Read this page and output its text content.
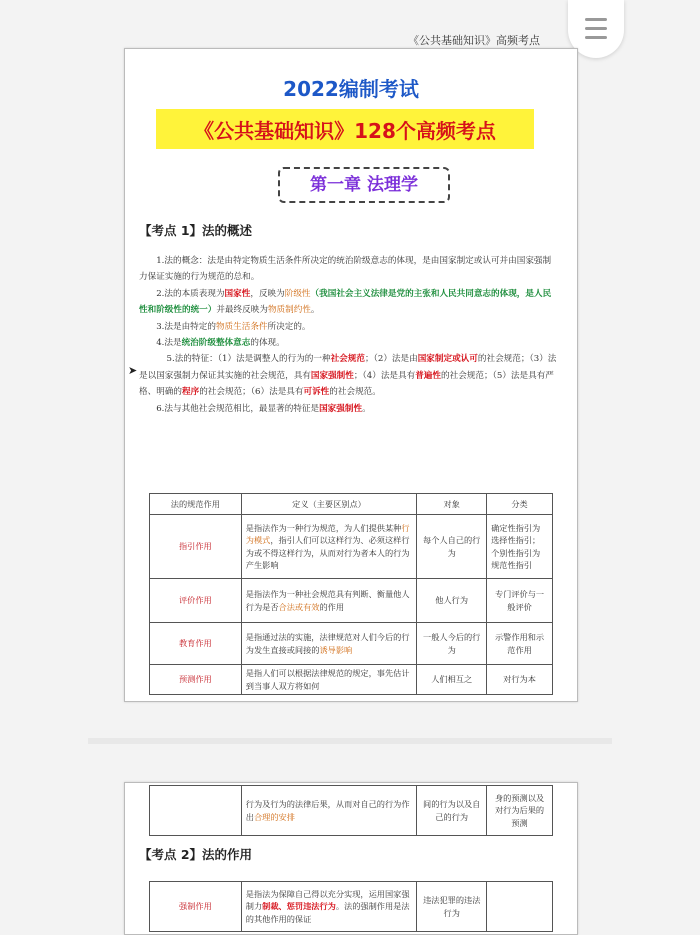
《公共基础知识》高频考点
2022编制考试
《公共基础知识》128个高频考点
第一章 法理学
【考点 1】法的概述

1.法的概念：法是由特定物质生活条件所决定的统治阶级意志的体现，是由国家制定或认可并由国家强制力保证实施的行为规范的总和。

2.法的本质表现为国家性，反映为阶级性（我国社会主义法律是党的主张和人民共同意志的体现，是人民性和阶级性的统一）并最终反映为物质制约性。

3.法是由特定的物质生活条件所决定的。

4.法是统治阶级整体意志的体现。

5.法的特征：（1）法是调整人的行为的一种社会规范；（2）法是由国家制定或认可的社会规范；（3）法是以国家强制力保证其实施的社会规范，具有国家强制性；（4）法是具有普遍性的社会规范；（5）法是具有严格、明确的程序的社会规范；（6）法是具有可诉性的社会规范。

6.法与其他社会规范相比，最显著的特征是国家强制性。

法的规范作用	定义（主要区别点）	对象	分类
指引作用	是指法作为一种行为规范，为人们提供某种行为模式，指引人们可以这样行为、必须这样行为或不得这样行为，从而对行为者本人的行为产生影响	每个人自己的行为	确定性指引为选择性指引；个别性指引为规范性指引
评价作用	是指法作为一种社会规范具有判断、衡量他人行为是否合法或有效的作用	他人行为	专门评价与一般评价
教育作用	是指通过法的实施，法律规范对人们今后的行为发生直接或间接的诱导影响	一般人今后的行为	示警作用和示范作用
预测作用	是指人们可以根据法律规范的规定，事先估计到当事人双方将如何	人们相互之	对行为本
➤
	行为及行为的法律后果，从而对自己的行为作出合理的安排	间的行为以及自己的行为	身的预测以及对行为后果的预测
【考点 2】法的作用
强制作用	是指法为保障自己得以充分实现，运用国家强制力制裁、惩罚违法行为。法的强制作用是法的其他作用的保证	违法犯罪的违法行为	
